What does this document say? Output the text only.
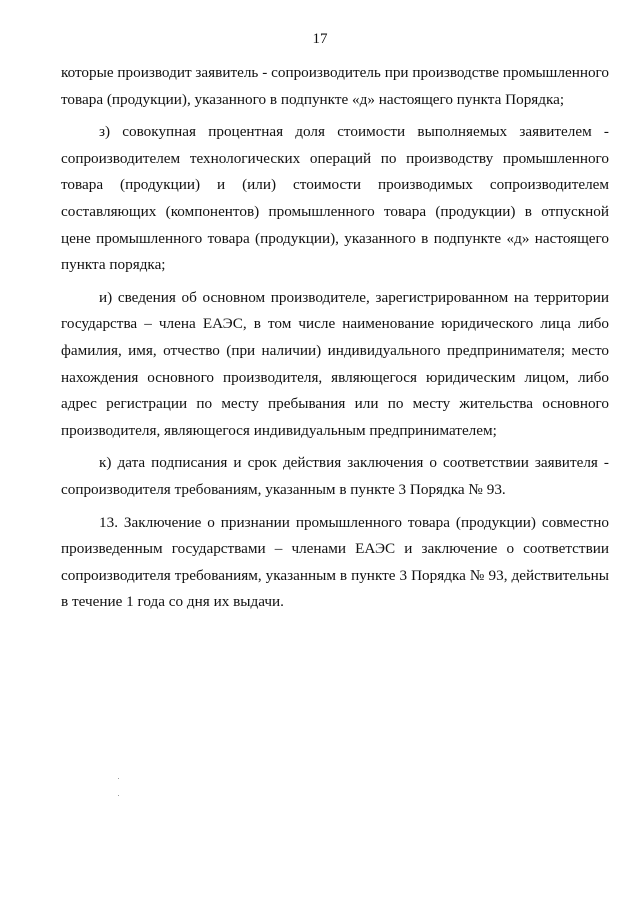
17

которые производит заявитель - сопроизводитель при производстве промышленного товара (продукции), указанного в подпункте «д» настоящего пункта Порядка;

з) совокупная процентная доля стоимости выполняемых заявителем - сопроизводителем технологических операций по производству промышленного товара (продукции) и (или) стоимости производимых сопроизводителем составляющих (компонентов) промышленного товара (продукции) в отпускной цене промышленного товара (продукции), указанного в подпункте «д» настоящего пункта порядка;

и) сведения об основном производителе, зарегистрированном на территории государства – члена ЕАЭС, в том числе наименование юридического лица либо фамилия, имя, отчество (при наличии) индивидуального предпринимателя; место нахождения основного производителя, являющегося юридическим лицом, либо адрес регистрации по месту пребывания или по месту жительства основного производителя, являющегося индивидуальным предпринимателем;

к) дата подписания и срок действия заключения о соответствии заявителя - сопроизводителя требованиям, указанным в пункте 3 Порядка № 93.

13. Заключение о признании промышленного товара (продукции) совместно произведенным государствами – членами ЕАЭС и заключение о соответствии сопроизводителя требованиям, указанным в пункте 3 Порядка № 93, действительны в течение 1 года со дня их выдачи.
